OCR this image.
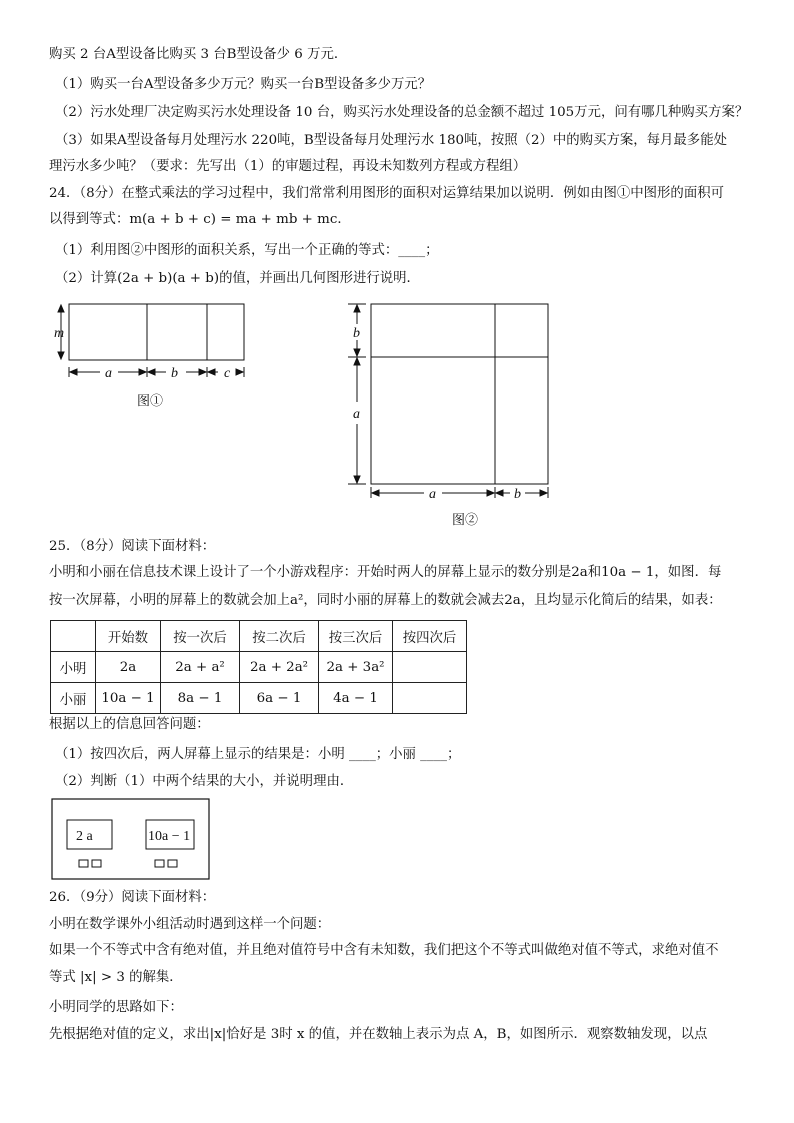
购买 2 台A型设备比购买 3 台B型设备少 6 万元．
（1）购买一台A型设备多少万元？购买一台B型设备多少万元？
（2）污水处理厂决定购买污水处理设备 10 台，购买污水处理设备的总金额不超过 105万元，问有哪几种购买方案？
（3）如果A型设备每月处理污水 220吨，B型设备每月处理污水 180吨，按照（2）中的购买方案，每月最多能处
理污水多少吨？（要求：先写出（1）的审题过程，再设未知数列方程或方程组）
24．（8分）在整式乘法的学习过程中，我们常常利用图形的面积对运算结果加以说明．例如由图①中图形的面积可
以得到等式：m(a + b + c) = ma + mb + mc．
（1）利用图②中图形的面积关系，写出一个正确的等式：____；
（2）计算(2a + b)(a + b)的值，并画出几何图形进行说明．
m
a	b	c
b
a
a	b
图①
图②
25．（8分）阅读下面材料：
小明和小丽在信息技术课上设计了一个小游戏程序：开始时两人的屏幕上显示的数分别是2a和10a − 1，如图．每
按一次屏幕，小明的屏幕上的数就会加上a²，同时小丽的屏幕上的数就会减去2a，且均显示化简后的结果，如表：
	开始数	按一次后	按二次后	按三次后	按四次后
小明	2a	2a + a²	2a + 2a²	2a + 3a²	
小丽	10a − 1	8a − 1	6a − 1	4a − 1	
根据以上的信息回答问题：
（1）按四次后，两人屏幕上显示的结果是：小明 ____；小丽 ____；
（2）判断（1）中两个结果的大小，并说明理由．
2 a	10a − 1
26．（9分）阅读下面材料：
小明在数学课外小组活动时遇到这样一个问题：
如果一个不等式中含有绝对值，并且绝对值符号中含有未知数，我们把这个不等式叫做绝对值不等式，求绝对值不
等式 |x| > 3 的解集．
小明同学的思路如下：
先根据绝对值的定义，求出|x|恰好是 3时 x 的值，并在数轴上表示为点 A，B，如图所示．观察数轴发现，以点
